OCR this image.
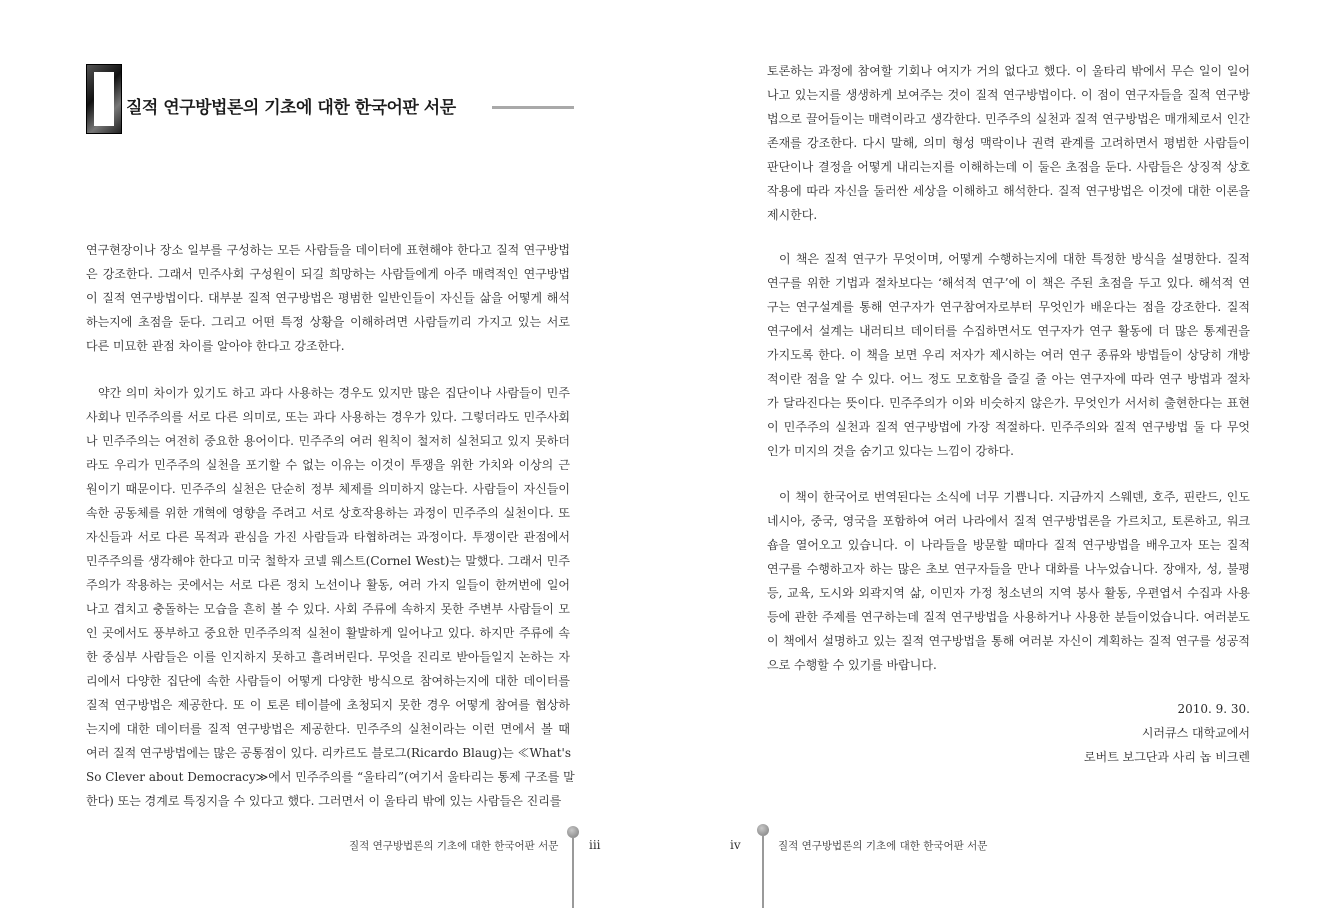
질적 연구방법론의 기초에 대한 한국어판 서문
연구현장이나 장소 일부를 구성하는 모든 사람들을 데이터에 표현해야 한다고 질적 연구방법
은 강조한다. 그래서 민주사회 구성원이 되길 희망하는 사람들에게 아주 매력적인 연구방법
이 질적 연구방법이다. 대부분 질적 연구방법은 평범한 일반인들이 자신들 삶을 어떻게 해석
하는지에 초점을 둔다. 그리고 어떤 특정 상황을 이해하려면 사람들끼리 가지고 있는 서로
다른 미묘한 관점 차이를 알아야 한다고 강조한다.
약간 의미 차이가 있기도 하고 과다 사용하는 경우도 있지만 많은 집단이나 사람들이 민주
사회나 민주주의를 서로 다른 의미로, 또는 과다 사용하는 경우가 있다. 그렇더라도 민주사회
나 민주주의는 여전히 중요한 용어이다. 민주주의 여러 원칙이 철저히 실천되고 있지 못하더
라도 우리가 민주주의 실천을 포기할 수 없는 이유는 이것이 투쟁을 위한 가치와 이상의 근
원이기 때문이다. 민주주의 실천은 단순히 정부 체제를 의미하지 않는다. 사람들이 자신들이
속한 공동체를 위한 개혁에 영향을 주려고 서로 상호작용하는 과정이 민주주의 실천이다. 또
자신들과 서로 다른 목적과 관심을 가진 사람들과 타협하려는 과정이다. 투쟁이란 관점에서
민주주의를 생각해야 한다고 미국 철학자 코넬 웨스트(Cornel West)는 말했다. 그래서 민주
주의가 작용하는 곳에서는 서로 다른 정치 노선이나 활동, 여러 가지 일들이 한꺼번에 일어
나고 겹치고 충돌하는 모습을 흔히 볼 수 있다. 사회 주류에 속하지 못한 주변부 사람들이 모
인 곳에서도 풍부하고 중요한 민주주의적 실천이 활발하게 일어나고 있다. 하지만 주류에 속
한 중심부 사람들은 이를 인지하지 못하고 흘려버린다. 무엇을 진리로 받아들일지 논하는 자
리에서 다양한 집단에 속한 사람들이 어떻게 다양한 방식으로 참여하는지에 대한 데이터를
질적 연구방법은 제공한다. 또 이 토론 테이블에 초청되지 못한 경우 어떻게 참여를 협상하
는지에 대한 데이터를 질적 연구방법은 제공한다. 민주주의 실천이라는 이런 면에서 볼 때
여러 질적 연구방법에는 많은 공통점이 있다. 리카르도 블로그(Ricardo Blaug)는 ≪What's
So Clever about Democracy≫에서 민주주의를 “울타리”(여기서 울타리는 통제 구조를 말
한다) 또는 경계로 특징지을 수 있다고 했다. 그러면서 이 울타리 밖에 있는 사람들은 진리를
질적 연구방법론의 기초에 대한 한국어판 서문	iii
토론하는 과정에 참여할 기회나 여지가 거의 없다고 했다. 이 울타리 밖에서 무슨 일이 일어
나고 있는지를 생생하게 보여주는 것이 질적 연구방법이다. 이 점이 연구자들을 질적 연구방
법으로 끌어들이는 매력이라고 생각한다. 민주주의 실천과 질적 연구방법은 매개체로서 인간
존재를 강조한다. 다시 말해, 의미 형성 맥락이나 권력 관계를 고려하면서 평범한 사람들이
판단이나 결정을 어떻게 내리는지를 이해하는데 이 둘은 초점을 둔다. 사람들은 상징적 상호
작용에 따라 자신을 둘러싼 세상을 이해하고 해석한다. 질적 연구방법은 이것에 대한 이론을
제시한다.
이 책은 질적 연구가 무엇이며, 어떻게 수행하는지에 대한 특정한 방식을 설명한다. 질적
연구를 위한 기법과 절차보다는 ‘해석적 연구’에 이 책은 주된 초점을 두고 있다. 해석적 연
구는 연구설계를 통해 연구자가 연구참여자로부터 무엇인가 배운다는 점을 강조한다. 질적
연구에서 설계는 내러티브 데이터를 수집하면서도 연구자가 연구 활동에 더 많은 통제권을
가지도록 한다. 이 책을 보면 우리 저자가 제시하는 여러 연구 종류와 방법들이 상당히 개방
적이란 점을 알 수 있다. 어느 정도 모호함을 즐길 줄 아는 연구자에 따라 연구 방법과 절차
가 달라진다는 뜻이다. 민주주의가 이와 비슷하지 않은가. 무엇인가 서서히 출현한다는 표현
이 민주주의 실천과 질적 연구방법에 가장 적절하다. 민주주의와 질적 연구방법 둘 다 무엇
인가 미지의 것을 숨기고 있다는 느낌이 강하다.
이 책이 한국어로 번역된다는 소식에 너무 기쁩니다. 지금까지 스웨덴, 호주, 핀란드, 인도
네시아, 중국, 영국을 포함하여 여러 나라에서 질적 연구방법론을 가르치고, 토론하고, 워크
숍을 열어오고 있습니다. 이 나라들을 방문할 때마다 질적 연구방법을 배우고자 또는 질적
연구를 수행하고자 하는 많은 초보 연구자들을 만나 대화를 나누었습니다. 장애자, 성, 불평
등, 교육, 도시와 외곽지역 삶, 이민자 가정 청소년의 지역 봉사 활동, 우편엽서 수집과 사용
등에 관한 주제를 연구하는데 질적 연구방법을 사용하거나 사용한 분들이었습니다. 여러분도
이 책에서 설명하고 있는 질적 연구방법을 통해 여러분 자신이 계획하는 질적 연구를 성공적
으로 수행할 수 있기를 바랍니다.
2010. 9. 30.
시러큐스 대학교에서
로버트 보그단과 사리 놉 비크렌
iv	질적 연구방법론의 기초에 대한 한국어판 서문
